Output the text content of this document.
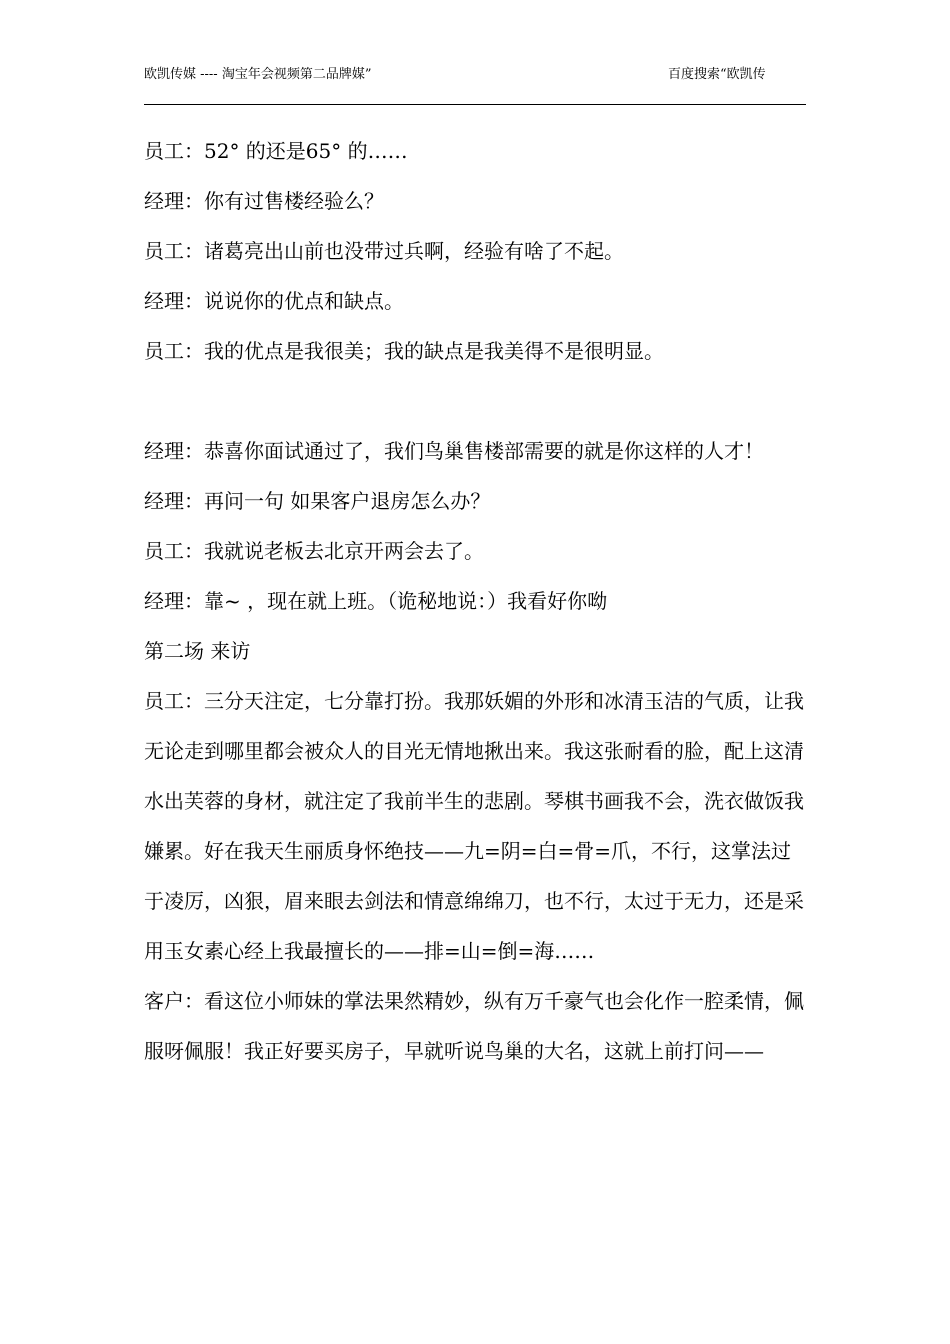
欧凯传媒 ---- 淘宝年会视频第二品牌媒”	百度搜索“欧凯传

员工：52° 的还是65° 的……

经理：你有过售楼经验么？

员工：诸葛亮出山前也没带过兵啊，经验有啥了不起。

经理：说说你的优点和缺点。

员工：我的优点是我很美；我的缺点是我美得不是很明显。

经理：恭喜你面试通过了，我们鸟巢售楼部需要的就是你这样的人才！

经理：再问一句 如果客户退房怎么办？

员工：我就说老板去北京开两会去了。

经理：靠~ ，现在就上班。（诡秘地说：）我看好你呦

第二场 来访

员工：三分天注定，七分靠打扮。我那妖媚的外形和冰清玉洁的气质，让我无论走到哪里都会被众人的目光无情地揪出来。我这张耐看的脸，配上这清水出芙蓉的身材，就注定了我前半生的悲剧。琴棋书画我不会，洗衣做饭我嫌累。好在我天生丽质身怀绝技——九=阴=白=骨=爪，不行，这掌法过于凌厉，凶狠，眉来眼去剑法和情意绵绵刀，也不行，太过于无力，还是采用玉女素心经上我最擅长的——排=山=倒=海……

客户：看这位小师妹的掌法果然精妙，纵有万千豪气也会化作一腔柔情，佩服呀佩服！我正好要买房子，早就听说鸟巢的大名，这就上前打问——
